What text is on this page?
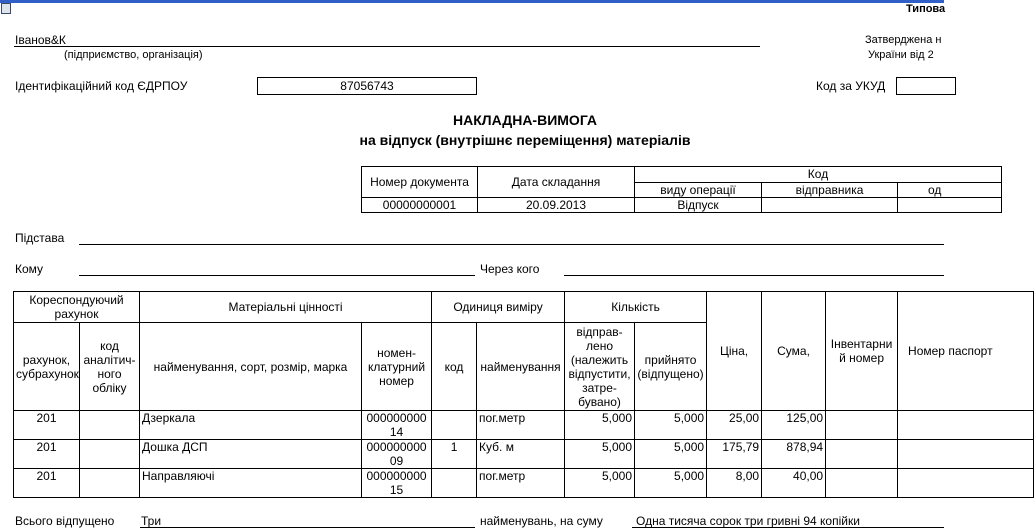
Типова
Іванов&К
(підприємство, організація)
Затверджена н
України від 2
Ідентифікаційний код ЄДРПОУ	87056743	Код за УКУД
НАКЛАДНА-ВИМОГА
на відпуск (внутрішнє переміщення) матеріалів
Номер документа	Дата складання	Код		
		виду операції	відправника	од
00000000001	20.09.2013	Відпуск		
Підстава
Кому	Через кого
Кореспондуючий рахунок		Матеріальні цінності		Одиниця виміру		Кількість		Ціна,	Сума,	Інвентарни й номер	Номер паспорт
рахунок, субрахунок	код аналітич-ного обліку	найменування, сорт, розмір, марка	номен-клатурний номер	код	найменування	відправ-лено (належить відпустити, затре-бувано)	прийнято (відпущено)				
201		Дзеркала	00000000014		пог.метр	5,000	5,000	25,00	125,00		
201		Дошка ДСП	00000000009	1	Куб. м	5,000	5,000	175,79	878,94		
201		Направляючі	00000000015		пог.метр	5,000	5,000	8,00	40,00		
Всього відпущено Три	найменувань, на суму	Одна тисяча сорок три гривні 94 копійки
